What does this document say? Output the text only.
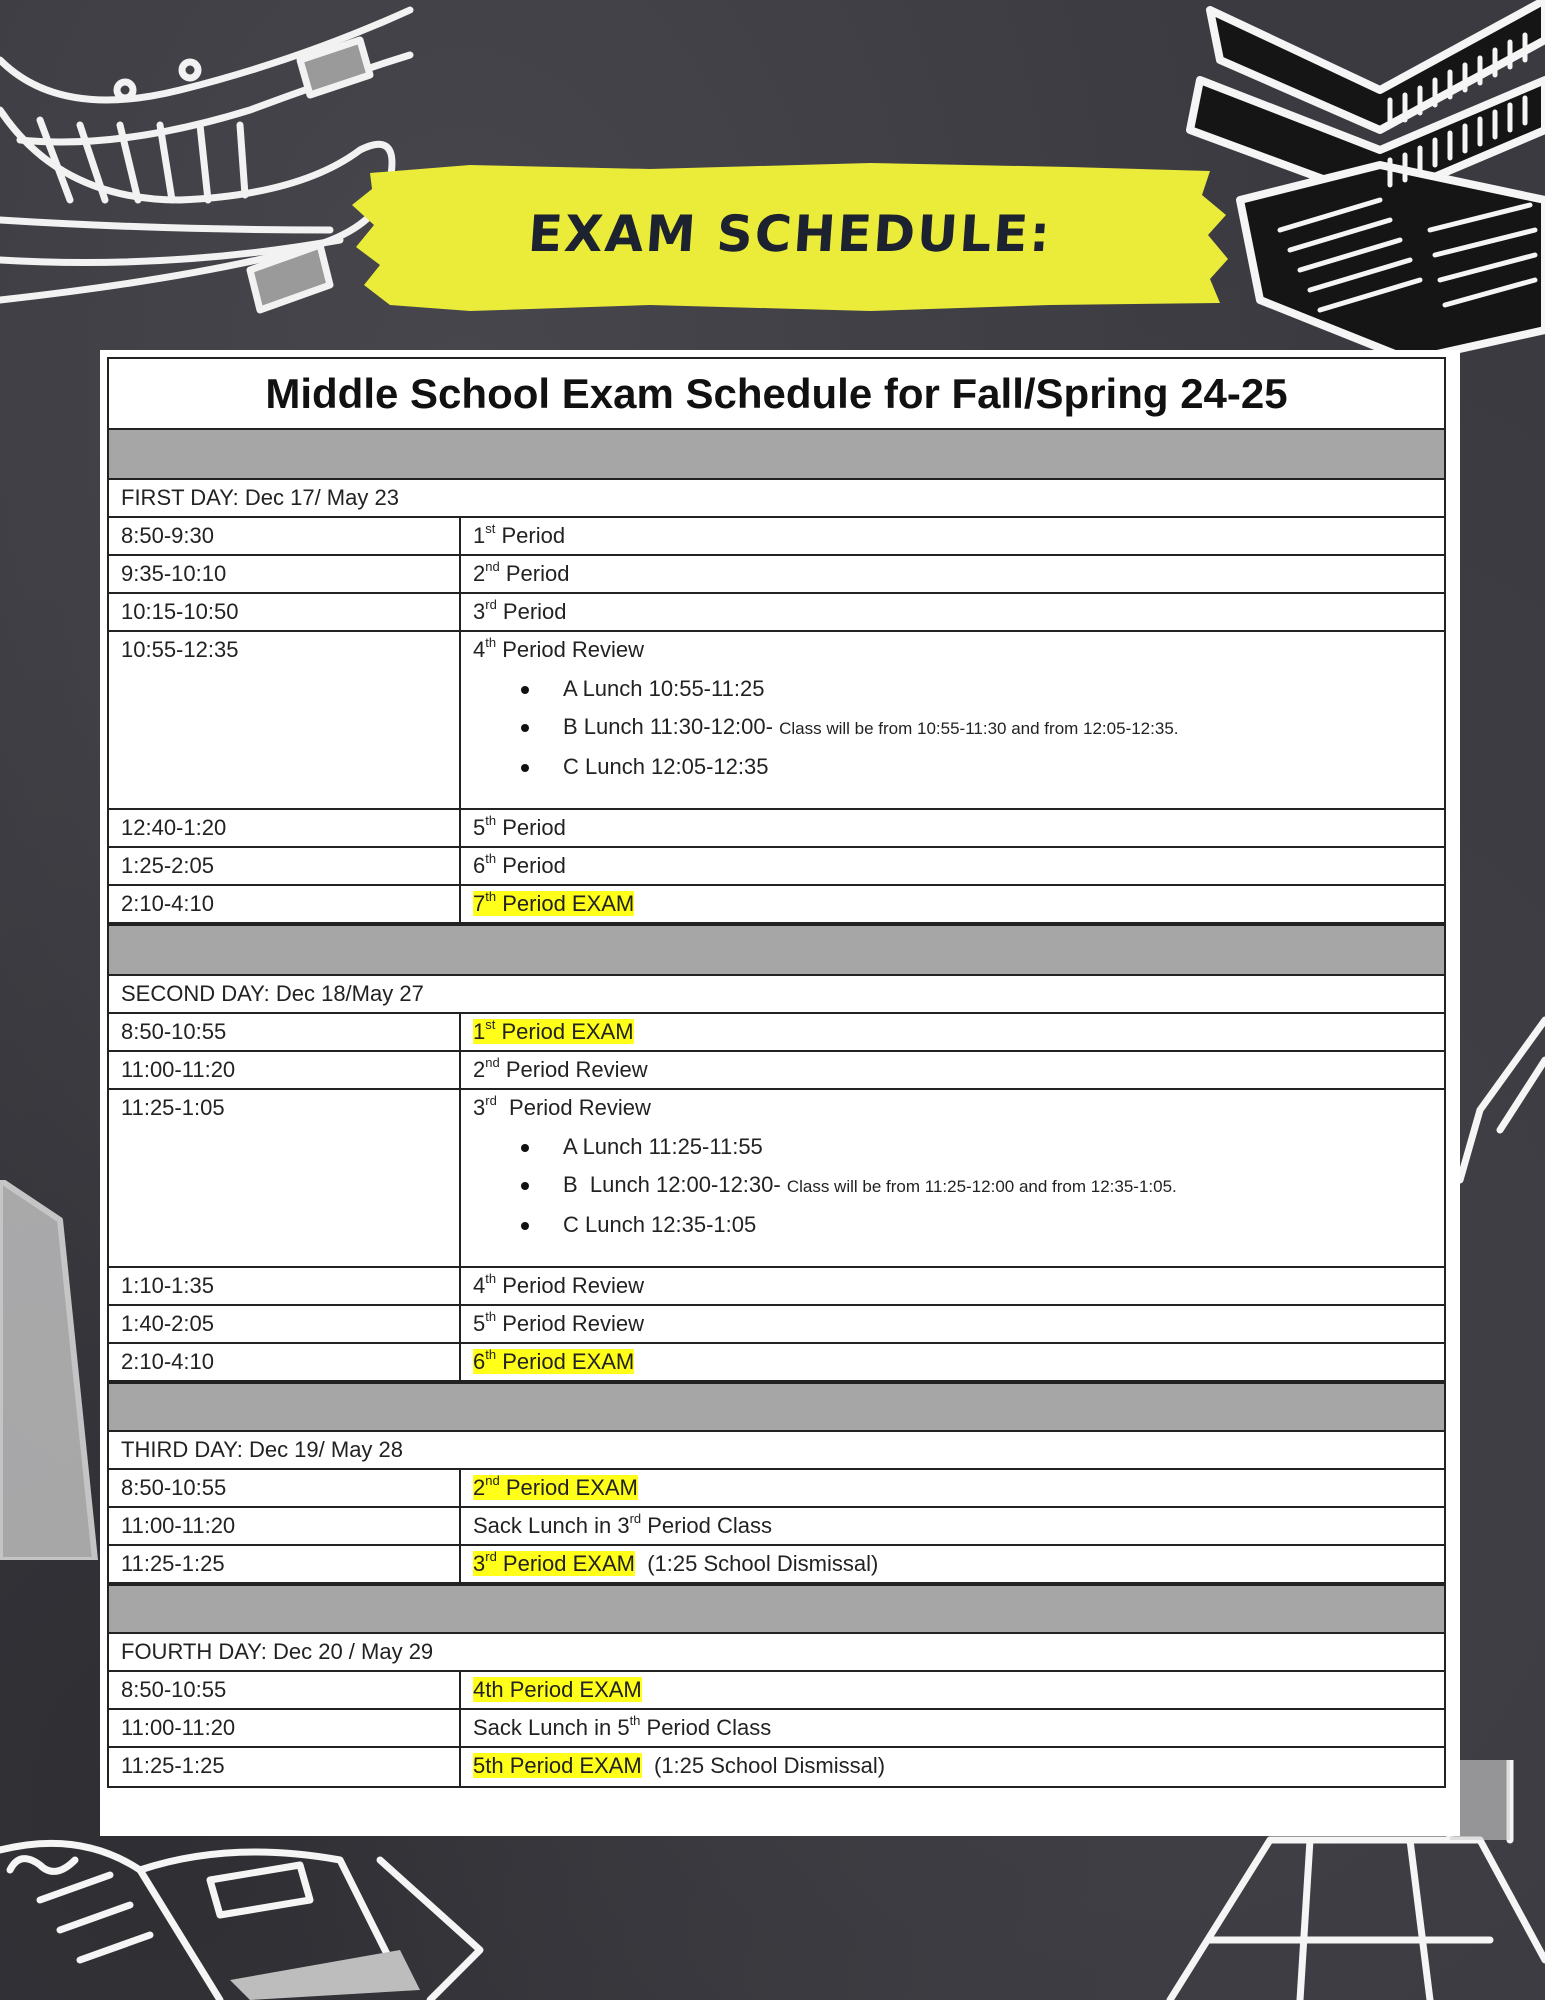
EXAM SCHEDULE:
Middle School Exam Schedule for Fall/Spring 24-25
FIRST DAY: Dec 17/ May 23
8:50-9:30	1st Period
9:35-10:10	2nd Period
10:15-10:50	3rd Period
10:55-12:35	4th Period Review
A Lunch 10:55-11:25
B Lunch 11:30-12:00- Class will be from 10:55-11:30 and from 12:05-12:35.
C Lunch 12:05-12:35
12:40-1:20	5th Period
1:25-2:05	6th Period
2:10-4:10	7th Period EXAM
SECOND DAY: Dec 18/May 27
8:50-10:55	1st Period EXAM
11:00-11:20	2nd Period Review
11:25-1:05	3rd  Period Review
A Lunch 11:25-11:55
B  Lunch 12:00-12:30- Class will be from 11:25-12:00 and from 12:35-1:05.
C Lunch 12:35-1:05
1:10-1:35	4th Period Review
1:40-2:05	5th Period Review
2:10-4:10	6th Period EXAM
THIRD DAY: Dec 19/ May 28
8:50-10:55	2nd Period EXAM
11:00-11:20	Sack Lunch in 3rd Period Class
11:25-1:25	3rd Period EXAM  (1:25 School Dismissal)
FOURTH DAY: Dec 20 / May 29
8:50-10:55	4th Period EXAM
11:00-11:20	Sack Lunch in 5th Period Class
11:25-1:25	5th Period EXAM  (1:25 School Dismissal)
